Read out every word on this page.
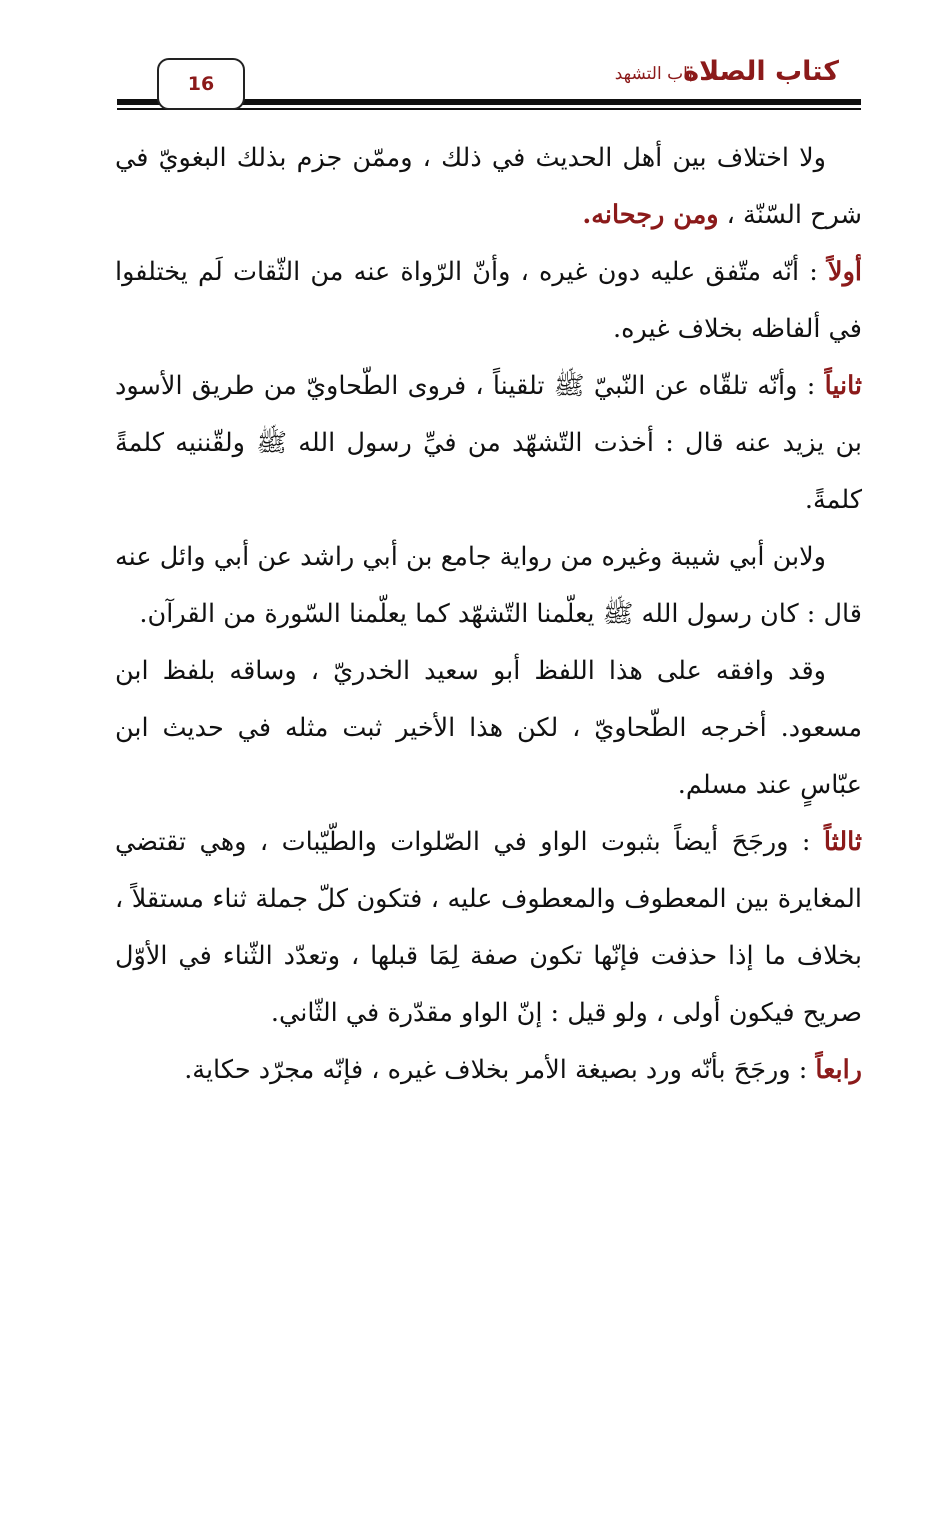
كتاب الصلاة
باب التشهد
16

ولا اختلاف بين أهل الحديث في ذلك ، وممّن جزم بذلك البغويّ في شرح السّنّة ، ومن رجحانه.

أولاً : أنّه متّفق عليه دون غيره ، وأنّ الرّواة عنه من الثّقات لَم يختلفوا في ألفاظه بخلاف غيره.

ثانياً : وأنّه تلقّاه عن النّبيّ ﷺ تلقيناً ، فروى الطّحاويّ من طريق الأسود بن يزيد عنه قال : أخذت التّشهّد من فيِّ رسول الله ﷺ ولقّننيه كلمةً كلمةً.

ولابن أبي شيبة وغيره من رواية جامع بن أبي راشد عن أبي وائل عنه قال : كان رسول الله ﷺ يعلّمنا التّشهّد كما يعلّمنا السّورة من القرآن.

وقد وافقه على هذا اللفظ أبو سعيد الخدريّ ، وساقه بلفظ ابن مسعود. أخرجه الطّحاويّ ، لكن هذا الأخير ثبت مثله في حديث ابن عبّاسٍ عند مسلم.

ثالثاً : ورجَحَ أيضاً بثبوت الواو في الصّلوات والطّيّبات ، وهي تقتضي المغايرة بين المعطوف والمعطوف عليه ، فتكون كلّ جملة ثناء مستقلاً ، بخلاف ما إذا حذفت فإنّها تكون صفة لِمَا قبلها ، وتعدّد الثّناء في الأوّل صريح فيكون أولى ، ولو قيل : إنّ الواو مقدّرة في الثّاني.

رابعاً : ورجَحَ بأنّه ورد بصيغة الأمر بخلاف غيره ، فإنّه مجرّد حكاية.
